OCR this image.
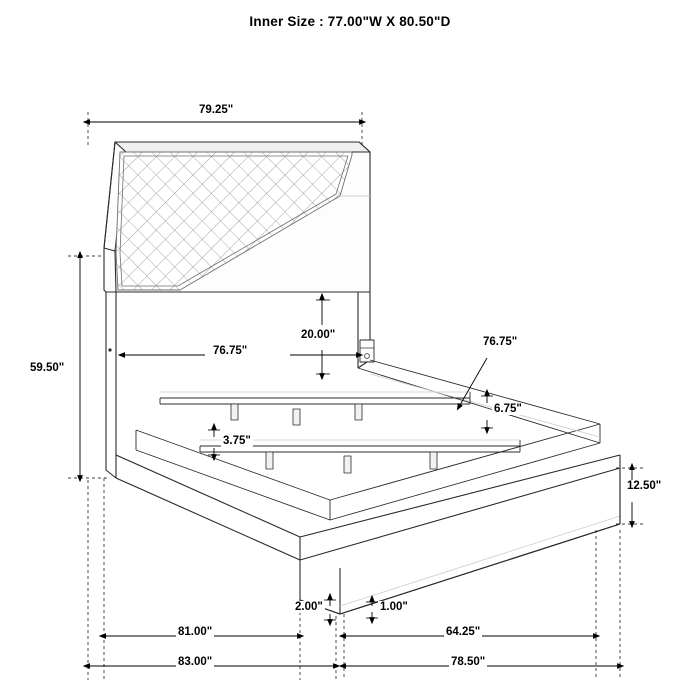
Inner Size : 77.00"W X 80.50"D
79.25"
59.50"
76.75"
20.00"
76.75"
6.75"
3.75"
12.50"
2.00"	1.00"
81.00"	64.25"
83.00"	78.50"
